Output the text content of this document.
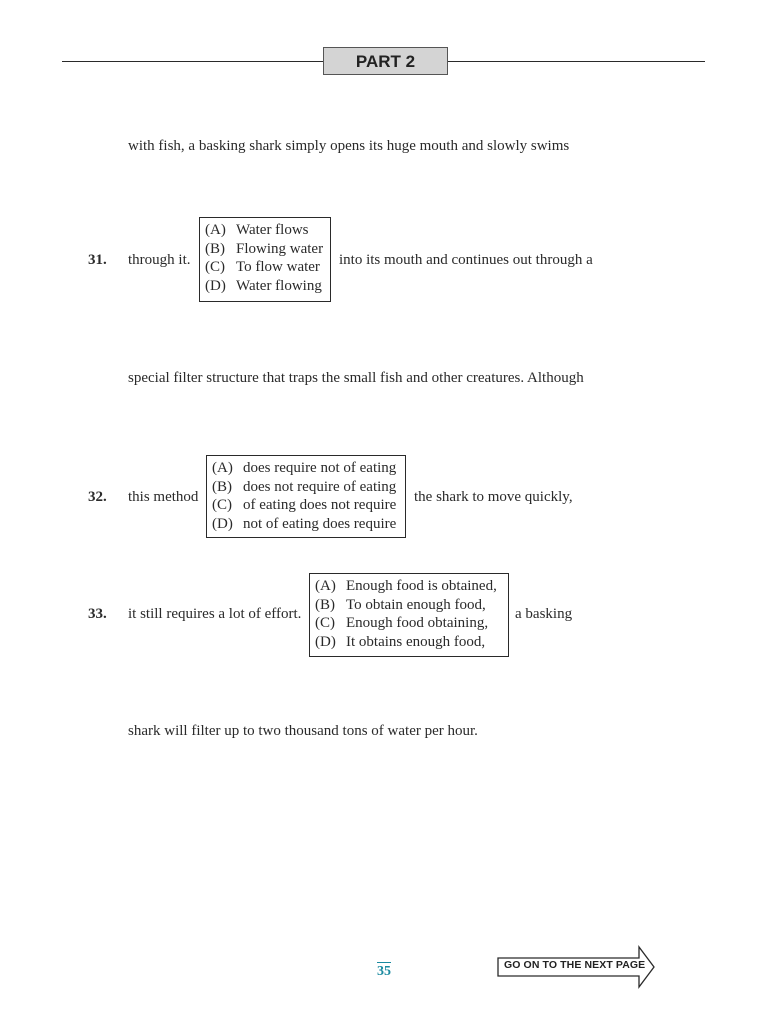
PART 2
with fish, a basking shark simply opens its huge mouth and slowly swims
31. through it.
(A) Water flows
(B) Flowing water
(C) To flow water
(D) Water flowing
into its mouth and continues out through a
special filter structure that traps the small fish and other creatures. Although
32. this method
(A) does require not of eating
(B) does not require of eating
(C) of eating does not require
(D) not of eating does require
the shark to move quickly,
33. it still requires a lot of effort.
(A) Enough food is obtained,
(B) To obtain enough food,
(C) Enough food obtaining,
(D) It obtains enough food,
a basking
shark will filter up to two thousand tons of water per hour.
35	GO ON TO THE NEXT PAGE
